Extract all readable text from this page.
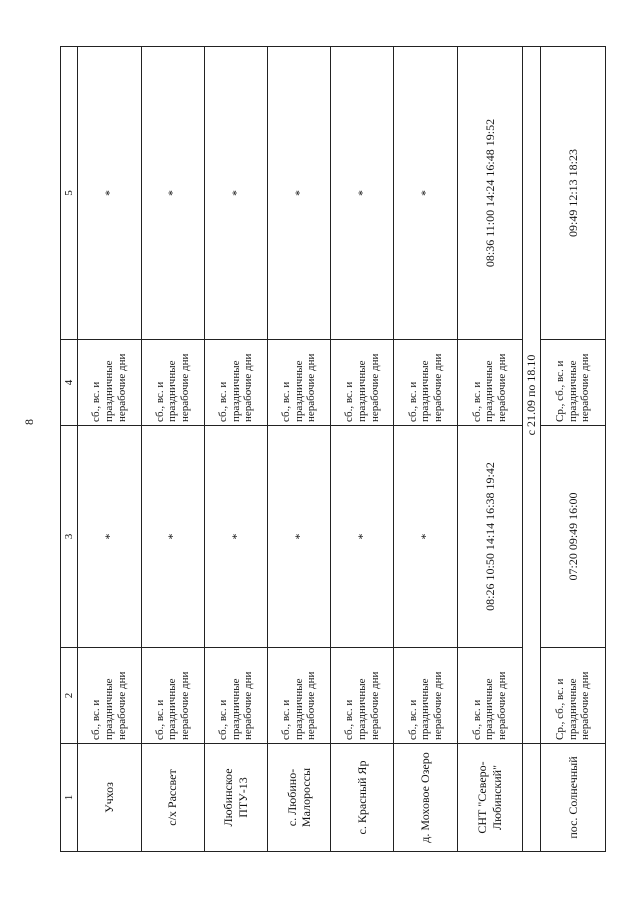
8
1	2	3	4	5
Учхоз	сб., вс. и праздничные нерабочие дни	*	сб., вс. и праздничные нерабочие дни	*
с/х Рассвет	сб., вс. и праздничные нерабочие дни	*	сб., вс. и праздничные нерабочие дни	*
Любинское ПТУ-13	сб., вс. и праздничные нерабочие дни	*	сб., вс. и праздничные нерабочие дни	*
с. Любино-Малороссы	сб., вс. и праздничные нерабочие дни	*	сб., вс. и праздничные нерабочие дни	*
с. Красный Яр	сб., вс. и праздничные нерабочие дни	*	сб., вс. и праздничные нерабочие дни	*
д. Моховое Озеро	сб., вс. и праздничные нерабочие дни	*	сб., вс. и праздничные нерабочие дни	*
СНТ "Северо-Любинский"	сб., вс. и праздничные нерабочие дни	08:26 10:50 14:14 16:38 19:42	сб., вс. и праздничные нерабочие дни	08:36 11:00 14:24 16:48 19:52
	с 21.09 по 18.10			
пос. Солнечный	Ср., сб., вс. и праздничные нерабочие дни	07:20 09:49 16:00	Ср., сб., вс. и праздничные нерабочие дни	09:49 12:13 18:23
